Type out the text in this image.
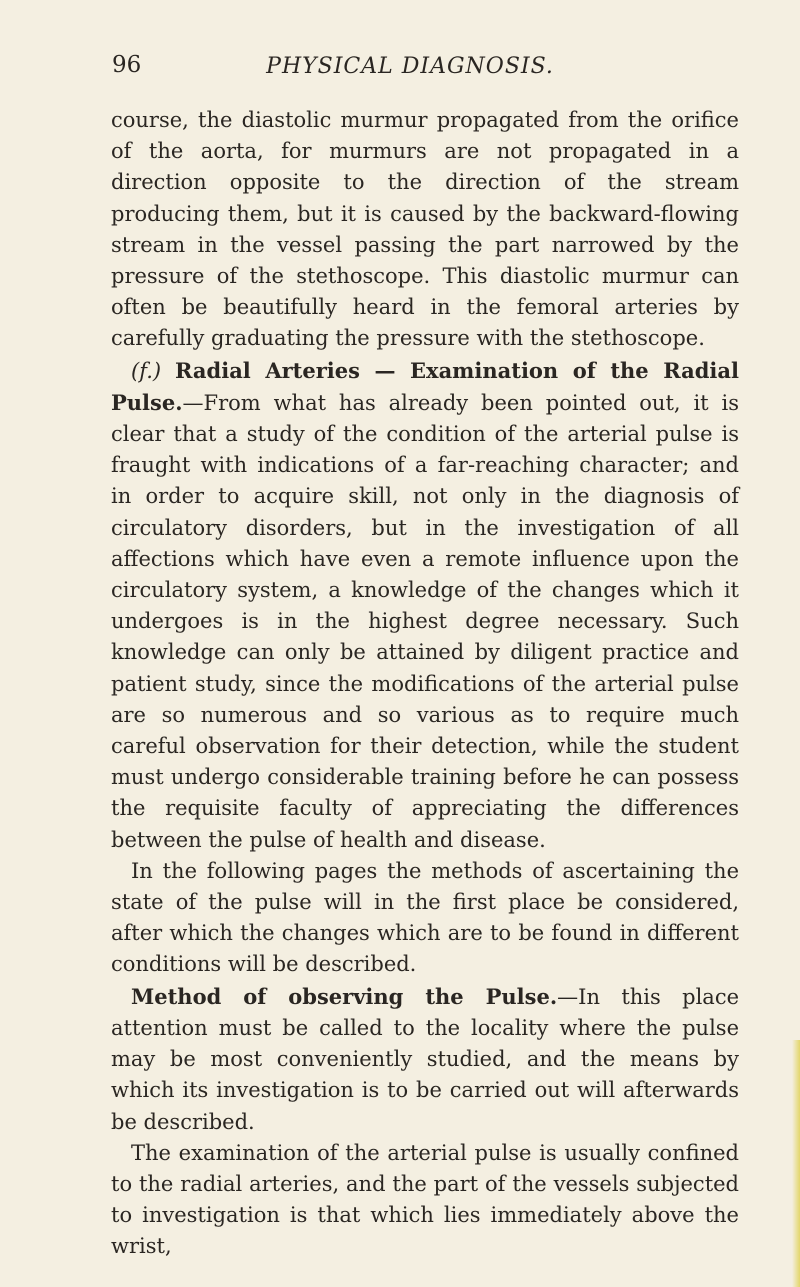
96	PHYSICAL DIAGNOSIS.

course, the diastolic murmur propagated from the orifice of the aorta, for murmurs are not propagated in a direction opposite to the direction of the stream producing them, but it is caused by the backward-flowing stream in the vessel passing the part narrowed by the pressure of the stethoscope. This diastolic murmur can often be beautifully heard in the femoral arteries by carefully graduating the pressure with the stethoscope.

(f.) Radial Arteries — Examination of the Radial Pulse.—From what has already been pointed out, it is clear that a study of the condition of the arterial pulse is fraught with indications of a far-reaching character; and in order to acquire skill, not only in the diagnosis of circulatory disorders, but in the investigation of all affections which have even a remote influence upon the circulatory system, a knowledge of the changes which it undergoes is in the highest degree necessary. Such knowledge can only be attained by diligent practice and patient study, since the modifications of the arterial pulse are so numerous and so various as to require much careful observation for their detection, while the student must undergo considerable training before he can possess the requisite faculty of appreciating the differences between the pulse of health and disease.

In the following pages the methods of ascertaining the state of the pulse will in the first place be considered, after which the changes which are to be found in different conditions will be described.

Method of observing the Pulse.—In this place attention must be called to the locality where the pulse may be most conveniently studied, and the means by which its investigation is to be carried out will afterwards be described.

The examination of the arterial pulse is usually confined to the radial arteries, and the part of the vessels subjected to investigation is that which lies immediately above the wrist,
